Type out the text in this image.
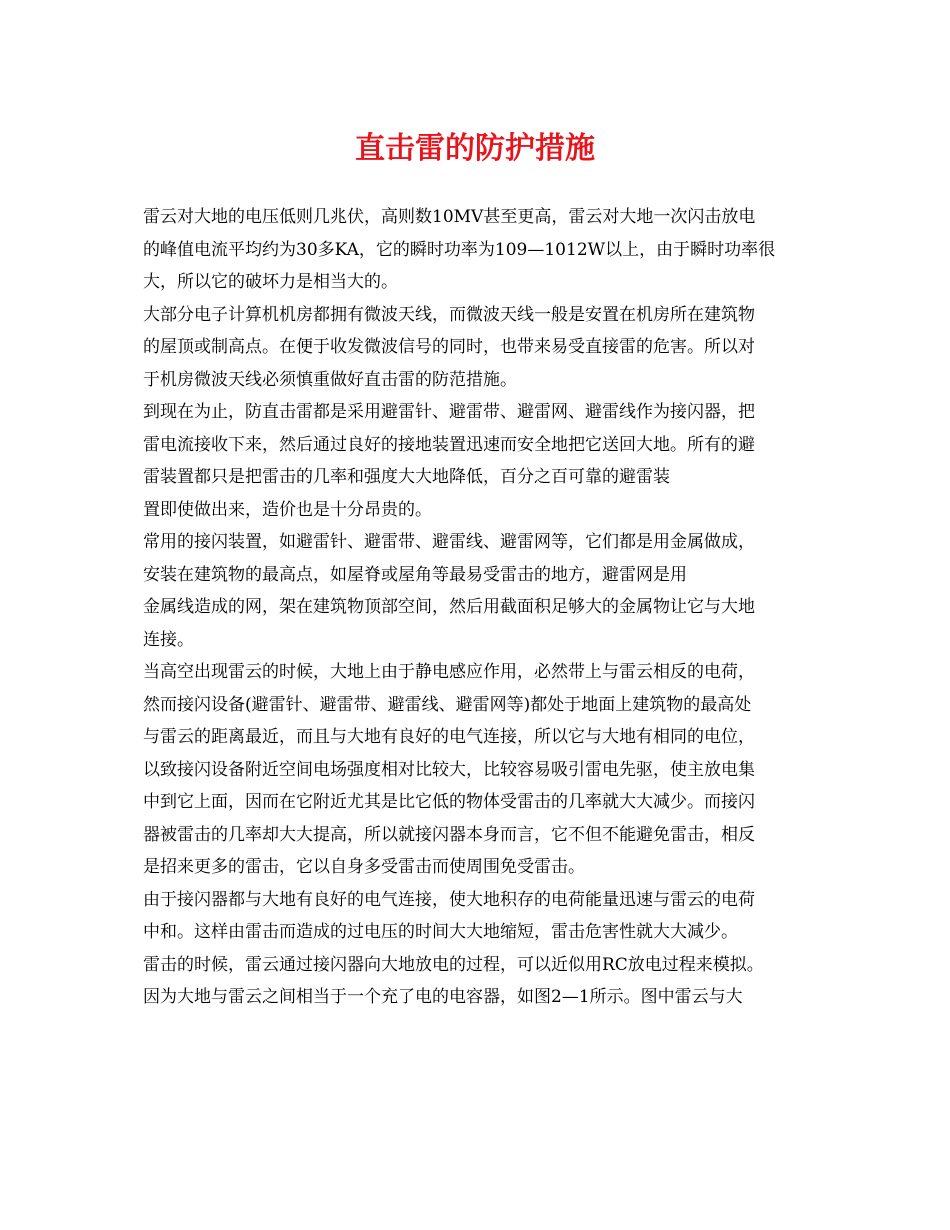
直击雷的防护措施
雷云对大地的电压低则几兆伏，高则数10MV甚至更高，雷云对大地一次闪击放电
的峰值电流平均约为30多KA，它的瞬时功率为109—1012W以上，由于瞬时功率很
大，所以它的破坏力是相当大的。
大部分电子计算机机房都拥有微波天线，而微波天线一般是安置在机房所在建筑物
的屋顶或制高点。在便于收发微波信号的同时，也带来易受直接雷的危害。所以对
于机房微波天线必须慎重做好直击雷的防范措施。
到现在为止，防直击雷都是采用避雷针、避雷带、避雷网、避雷线作为接闪器，把
雷电流接收下来，然后通过良好的接地装置迅速而安全地把它送回大地。所有的避
雷装置都只是把雷击的几率和强度大大地降低，百分之百可靠的避雷装
置即使做出来，造价也是十分昂贵的。
常用的接闪装置，如避雷针、避雷带、避雷线、避雷网等，它们都是用金属做成，
安装在建筑物的最高点，如屋脊或屋角等最易受雷击的地方，避雷网是用
金属线造成的网，架在建筑物顶部空间，然后用截面积足够大的金属物让它与大地
连接。
当高空出现雷云的时候，大地上由于静电感应作用，必然带上与雷云相反的电荷，
然而接闪设备(避雷针、避雷带、避雷线、避雷网等)都处于地面上建筑物的最高处
与雷云的距离最近，而且与大地有良好的电气连接，所以它与大地有相同的电位，
以致接闪设备附近空间电场强度相对比较大，比较容易吸引雷电先驱，使主放电集
中到它上面，因而在它附近尤其是比它低的物体受雷击的几率就大大减少。而接闪
器被雷击的几率却大大提高，所以就接闪器本身而言，它不但不能避免雷击，相反
是招来更多的雷击，它以自身多受雷击而使周围免受雷击。
由于接闪器都与大地有良好的电气连接，使大地积存的电荷能量迅速与雷云的电荷
中和。这样由雷击而造成的过电压的时间大大地缩短，雷击危害性就大大减少。
雷击的时候，雷云通过接闪器向大地放电的过程，可以近似用RC放电过程来模拟。
因为大地与雷云之间相当于一个充了电的电容器，如图2—1所示。图中雷云与大
